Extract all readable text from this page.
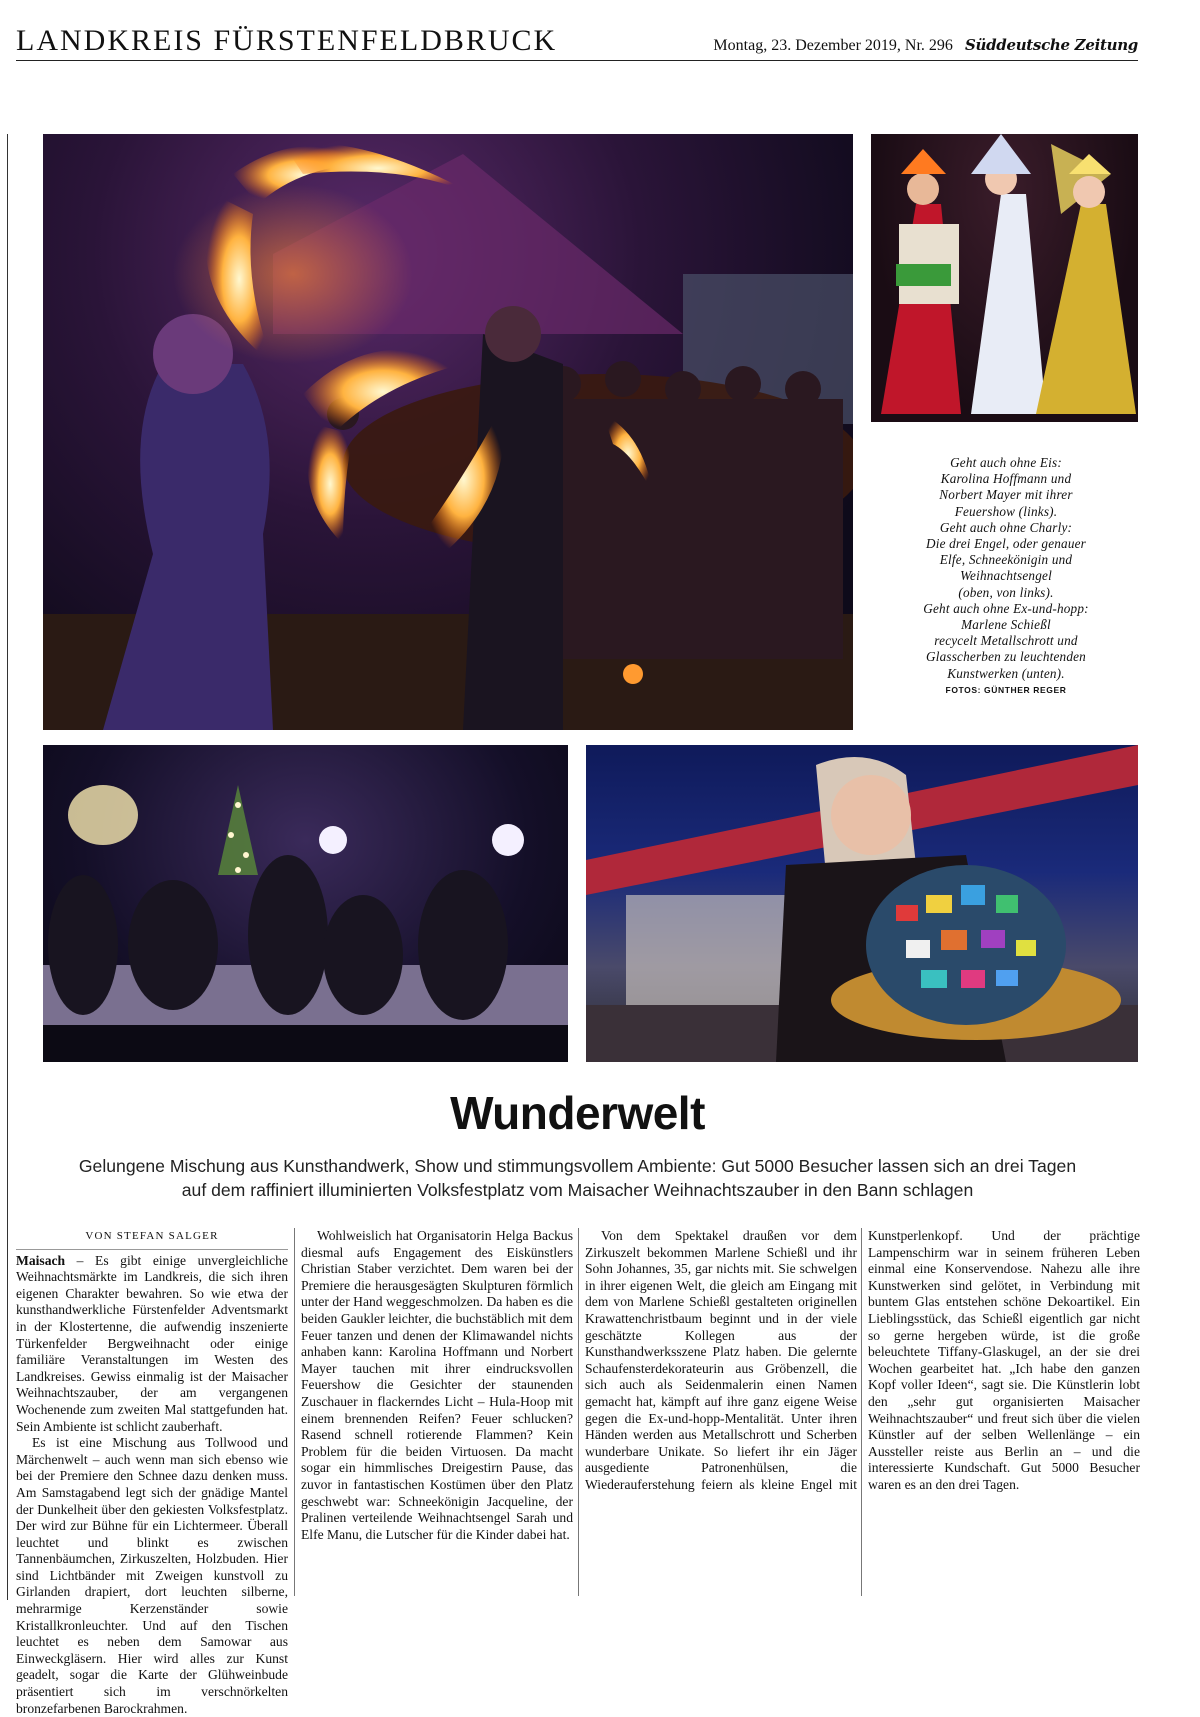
LANDKREIS FÜRSTENFELDBRUCK	Montag, 23. Dezember 2019, Nr. 296 Süddeutsche Zeitung

Geht auch ohne Eis:

Karolina Hoffmann und

Norbert Mayer mit ihrer

Feuershow (links).

Geht auch ohne Charly:

Die drei Engel, oder genauer

Elfe, Schneekönigin und

Weihnachtsengel

(oben, von links).

Geht auch ohne Ex-und-hopp:

Marlene Schießl

recycelt Metallschrott und

Glasscherben zu leuchtenden

Kunstwerken (unten).

FOTOS: GÜNTHER REGER

Wunderwelt
Gelungene Mischung aus Kunsthandwerk, Show und stimmungsvollem Ambiente: Gut 5000 Besucher lassen sich an drei Tagen auf dem raffiniert illuminierten Volksfestplatz vom Maisacher Weihnachtszauber in den Bann schlagen

VON STEFAN SALGER

Maisach – Es gibt einige unvergleichliche Weihnachtsmärkte im Landkreis, die sich ihren eigenen Charakter bewahren. So wie etwa der kunsthandwerkliche Fürstenfelder Adventsmarkt in der Klostertenne, die aufwendig inszenierte Türkenfelder Bergweihnacht oder einige familiäre Veranstaltungen im Westen des Landkreises. Gewiss einmalig ist der Maisacher Weihnachtszauber, der am vergangenen Wochenende zum zweiten Mal stattgefunden hat. Sein Ambiente ist schlicht zauberhaft.

Es ist eine Mischung aus Tollwood und Märchenwelt – auch wenn man sich ebenso wie bei der Premiere den Schnee dazu denken muss. Am Samstagabend legt sich der gnädige Mantel der Dunkelheit über den gekiesten Volksfestplatz. Der wird zur Bühne für ein Lichtermeer. Überall leuchtet und blinkt es zwischen Tannenbäumchen, Zirkuszelten, Holzbuden. Hier sind Lichtbänder mit Zweigen kunstvoll zu Girlanden drapiert, dort leuchten silberne, mehrarmige Kerzenständer sowie Kristallkronleuchter. Und auf den Tischen leuchtet es neben dem Samowar aus Einweckgläsern. Hier wird alles zur Kunst geadelt, sogar die Karte der Glühweinbude präsentiert sich im verschnörkelten bronzefarbenen Barockrahmen.

Wohlweislich hat Organisatorin Helga Backus diesmal aufs Engagement des Eiskünstlers Christian Staber verzichtet. Dem waren bei der Premiere die herausgesägten Skulpturen förmlich unter der Hand weggeschmolzen. Da haben es die beiden Gaukler leichter, die buchstäblich mit dem Feuer tanzen und denen der Klimawandel nichts anhaben kann: Karolina Hoffmann und Norbert Mayer tauchen mit ihrer eindrucksvollen Feuershow die Gesichter der staunenden Zuschauer in flackerndes Licht – Hula-Hoop mit einem brennenden Reifen? Feuer schlucken? Rasend schnell rotierende Flammen? Kein Problem für die beiden Virtuosen. Da macht sogar ein himmlisches Dreigestirn Pause, das zuvor in fantastischen Kostümen über den Platz geschwebt war: Schneekönigin Jacqueline, der Pralinen verteilende Weihnachtsengel Sarah und Elfe Manu, die Lutscher für die Kinder dabei hat.

Von dem Spektakel draußen vor dem Zirkuszelt bekommen Marlene Schießl und ihr Sohn Johannes, 35, gar nichts mit. Sie schwelgen in ihrer eigenen Welt, die gleich am Eingang mit dem von Marlene Schießl gestalteten originellen Krawattenchristbaum beginnt und in der viele geschätzte Kollegen aus der Kunsthandwerksszene Platz haben. Die gelernte Schaufensterdekorateurin aus Gröbenzell, die sich auch als Seidenmalerin einen Namen gemacht hat, kämpft auf ihre ganz eigene Weise gegen die Ex-und-hopp-Mentalität. Unter ihren Händen werden aus Metallschrott und Scherben wunderbare Unikate. So liefert ihr ein Jäger ausgediente Patronenhülsen, die Wiederauferstehung feiern als kleine Engel mit Kunstperlenkopf. Und der prächtige Lampenschirm war in seinem früheren Leben einmal eine Konservendose. Nahezu alle ihre Kunstwerken sind gelötet, in Verbindung mit buntem Glas entstehen schöne Dekoartikel. Ein Lieblingsstück, das Schießl eigentlich gar nicht so gerne hergeben würde, ist die große beleuchtete Tiffany-Glaskugel, an der sie drei Wochen gearbeitet hat. „Ich habe den ganzen Kopf voller Ideen“, sagt sie. Die Künstlerin lobt den „sehr gut organisierten Maisacher Weihnachtszauber“ und freut sich über die vielen Künstler auf der selben Wellenlänge – ein Aussteller reiste aus Berlin an – und die interessierte Kundschaft. Gut 5000 Besucher waren es an den drei Tagen.
